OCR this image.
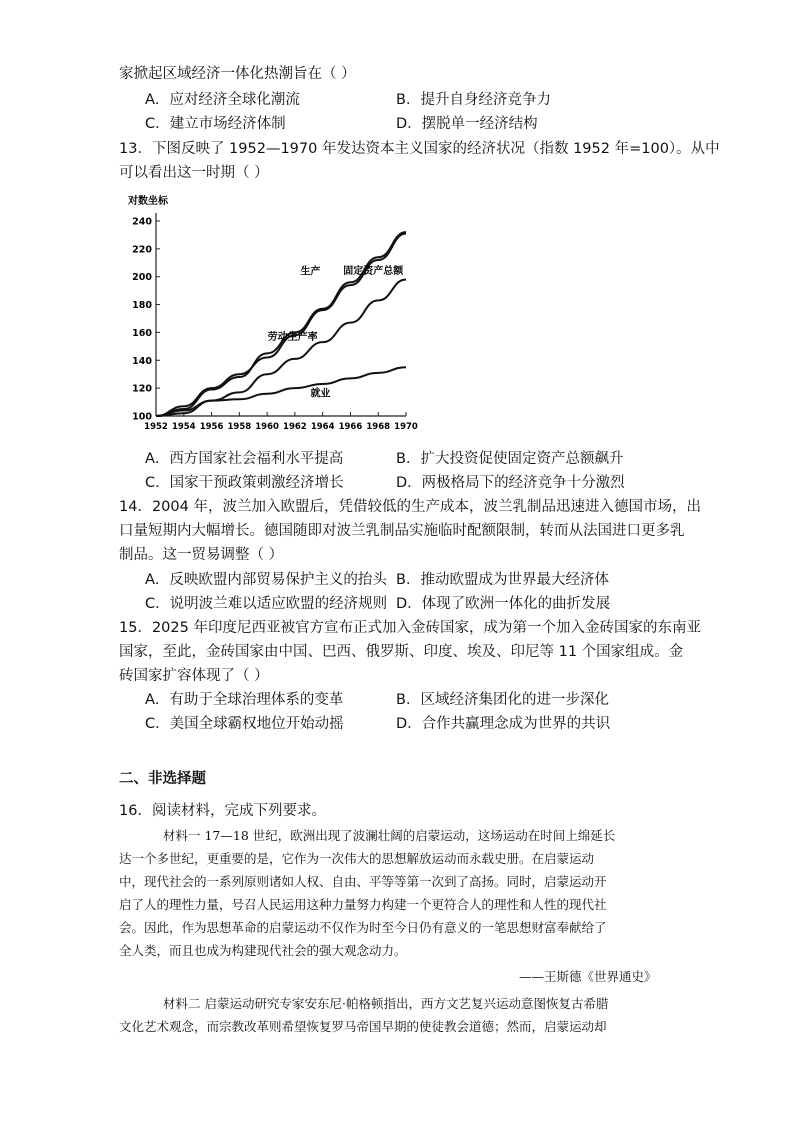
家掀起区域经济一体化热潮旨在（ ）
A．应对经济全球化潮流	B．提升自身经济竞争力
C．建立市场经济体制	D．摆脱单一经济结构
13．下图反映了 1952—1970 年发达资本主义国家的经济状况（指数 1952 年=100）。从中
可以看出这一时期（ ）
对数坐标
100
120
140
160
180
200
220
240
1952 1954 1956 1958 1960 1962 1964 1966 1968 1970
生产 固定资产总额
劳动生产率
就业
A．西方国家社会福利水平提高	B．扩大投资促使固定资产总额飙升
C．国家干预政策刺激经济增长	D．两极格局下的经济竞争十分激烈
14．2004 年，波兰加入欧盟后，凭借较低的生产成本，波兰乳制品迅速进入德国市场，出
口量短期内大幅增长。德国随即对波兰乳制品实施临时配额限制，转而从法国进口更多乳
制品。这一贸易调整（ ）
A．反映欧盟内部贸易保护主义的抬头 B．推动欧盟成为世界最大经济体
C．说明波兰难以适应欧盟的经济规则 D．体现了欧洲一体化的曲折发展
15．2025 年印度尼西亚被官方宣布正式加入金砖国家，成为第一个加入金砖国家的东南亚
国家，至此，金砖国家由中国、巴西、俄罗斯、印度、埃及、印尼等 11 个国家组成。金
砖国家扩容体现了（ ）
A．有助于全球治理体系的变革	B．区域经济集团化的进一步深化
C．美国全球霸权地位开始动摇	D．合作共赢理念成为世界的共识
二、非选择题
16．阅读材料，完成下列要求。
材料一 17—18 世纪，欧洲出现了波澜壮阔的启蒙运动，这场运动在时间上绵延长
达一个多世纪，更重要的是，它作为一次伟大的思想解放运动而永载史册。在启蒙运动
中，现代社会的一系列原则诸如人权、自由、平等等第一次到了高扬。同时，启蒙运动开
启了人的理性力量，号召人民运用这种力量努力构建一个更符合人的理性和人性的现代社
会。因此，作为思想革命的启蒙运动不仅作为时至今日仍有意义的一笔思想财富奉献给了
全人类，而且也成为构建现代社会的强大观念动力。
——王斯德《世界通史》
材料二 启蒙运动研究专家安东尼·帕格顿指出，西方文艺复兴运动意图恢复古希腊
文化艺术观念，而宗教改革则希望恢复罗马帝国早期的使徒教会道德；然而，启蒙运动却
